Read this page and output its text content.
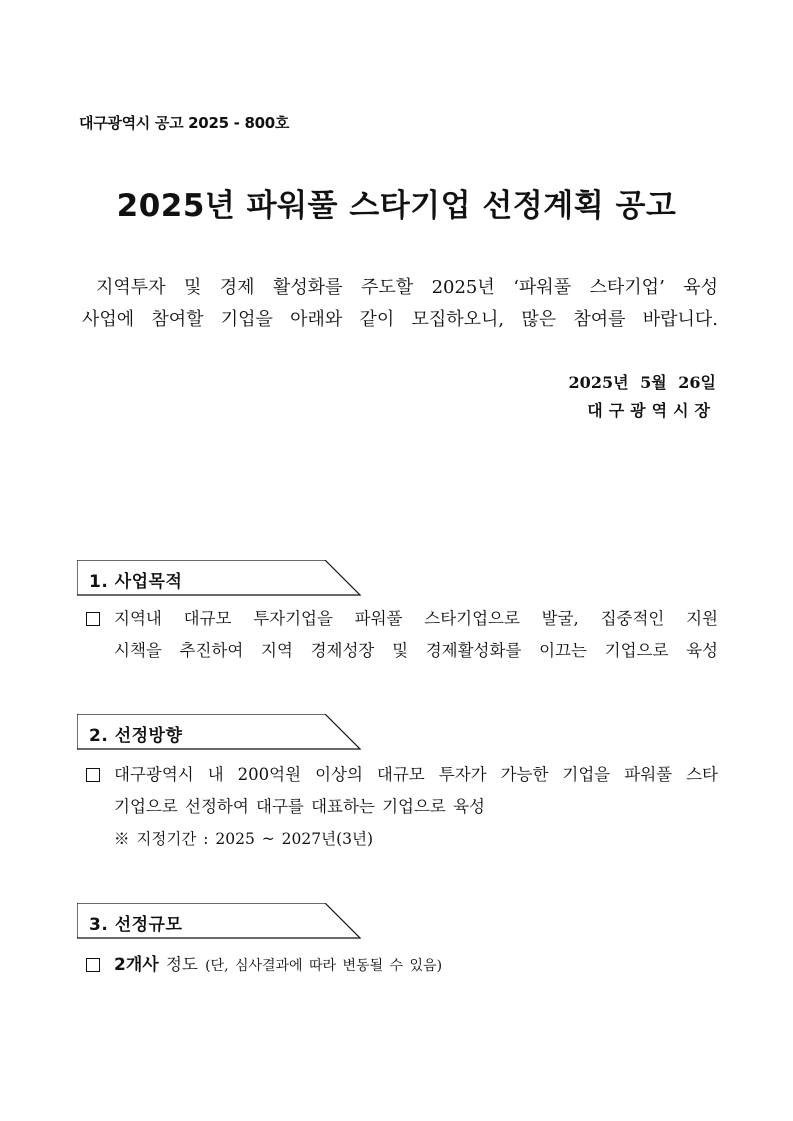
대구광역시 공고 2025 - 800호
2025년 파워풀 스타기업 선정계획 공고

지역투자 및 경제 활성화를 주도할 2025년 ‘파워풀 스타기업’ 육성

사업에 참여할 기업을 아래와 같이 모집하오니, 많은 참여를 바랍니다.

2025년 5월 26일
대구광역시장
1. 사업목적
지역내 대규모 투자기업을 파워풀 스타기업으로 발굴, 집중적인 지원
시책을 추진하여 지역 경제성장 및 경제활성화를 이끄는 기업으로 육성
2. 선정방향
대구광역시 내 200억원 이상의 대규모 투자가 가능한 기업을 파워풀 스타
기업으로 선정하여 대구를 대표하는 기업으로 육성
※ 지정기간 : 2025 ~ 2027년(3년)
3. 선정규모
2개사 정도 (단, 심사결과에 따라 변동될 수 있음)
